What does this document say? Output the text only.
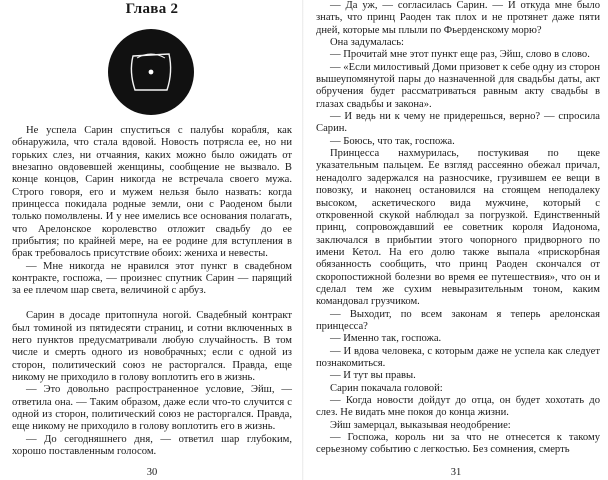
Глава 2

Не успела Сарин спуститься с палубы корабля, как обнаружила, что стала вдовой. Новость потрясла ее, но ни горьких слез, ни отчаяния, каких можно было ожидать от внезапно овдовевшей женщины, сообщение не вызвало. В конце концов, Сарин никогда не встречала своего мужа. Строго говоря, его и мужем нельзя было назвать: когда принцесса покидала родные земли, они с Раоденом были только помолвлены. И у нее имелись все основания полагать, что Арелонское королевство отложит свадьбу до ее прибытия; по крайней мере, на ее родине для вступления в брак требовалось присутствие обоих: жениха и невесты.

— Мне никогда не нравился этот пункт в свадебном контракте, госпожа, — произнес спутник Сарин — парящий за ее плечом шар света, величиной с арбуз.

Сарин в досаде притопнула ногой. Свадебный контракт был томиной из пятидесяти страниц, и сотни включенных в него пунктов предусматривали любую случайность. В том числе и смерть одного из новобрачных; если с одной из сторон, политический союз не расторгался. Правда, еще никому не приходило в голову воплотить его в жизнь.

— Это довольно распространенное условие, Эйш, — ответила она. — Таким образом, даже если что-то случится с одной из сторон, политический союз не расторгался. Правда, еще никому не приходило в голову воплотить его в жизнь.

— До сегодняшнего дня, — ответил шар глубоким, хорошо поставленным голосом.

30

— Да уж, — согласилась Сарин. — И откуда мне было знать, что принц Раоден так плох и не протянет даже пяти дней, которые мы плыли по Фьерденскому морю?

Она задумалась:

— Прочитай мне этот пункт еще раз, Эйш, слово в слово.

— «Если милостивый Доми призовет к себе одну из сторон вышеупомянутой пары до назначенной для свадьбы даты, акт обручения будет рассматриваться равным акту свадьбы в глазах свадьбы и закона».

— И ведь ни к чему не придерешься, верно? — спросила Сарин.

— Боюсь, что так, госпожа.

Принцесса нахмурилась, постукивая по щеке указательным пальцем. Ее взгляд рассеянно обежал причал, ненадолго задержался на разносчике, грузившем ее вещи в повозку, и наконец остановился на стоящем неподалеку высоком, аскетического вида мужчине, который с откровенной скукой наблюдал за погрузкой. Единственный принц, сопровождавший ее советник короля Иадонома, заключался в прибытии этого чопорного придворного по имени Кетол. На его долю также выпала «прискорбная обязанность сообщить, что принц Раоден скончался от скоропостижной болезни во время ее путешествия», что он и сделал тем же сухим невыразительным тоном, каким командовал грузчиком.

— Выходит, по всем законам я теперь арелонская принцесса?

— Именно так, госпожа.

— И вдова человека, с которым даже не успела как следует познакомиться.

— И тут вы правы.

Сарин покачала головой:

— Когда новости дойдут до отца, он будет хохотать до слез. Не видать мне покоя до конца жизни.

Эйш замерцал, выказывая неодобрение:

— Госпожа, король ни за что не отнесется к такому серьезному событию с легкостью. Без сомнения, смерть

31
